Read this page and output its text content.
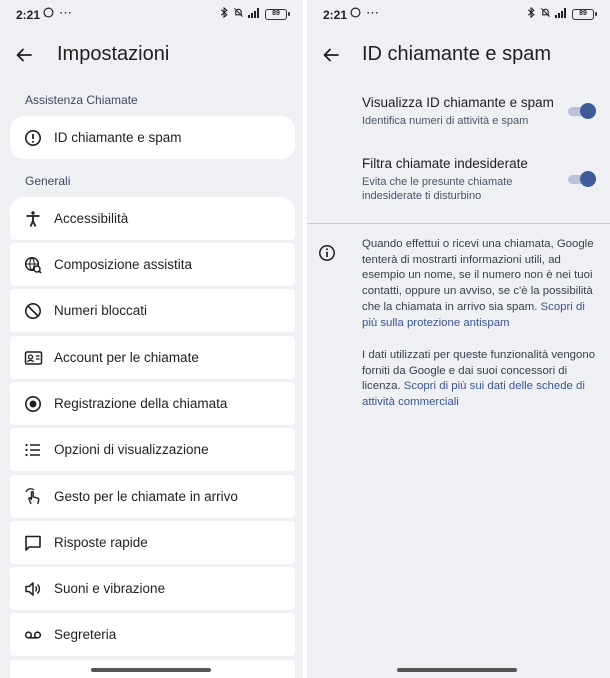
2:21 ⋯	89
Impostazioni
Assistenza Chiamate
ID chiamante e spam
Generali
Accessibilità
Composizione assistita
Numeri bloccati
Account per le chiamate
Registrazione della chiamata
Opzioni di visualizzazione
Gesto per le chiamate in arrivo
Risposte rapide
Suoni e vibrazione
Segreteria
2:21 ⋯	89
ID chiamante e spam
Visualizza ID chiamante e spam
Identifica numeri di attività e spam
Filtra chiamate indesiderate
Evita che le presunte chiamate indesiderate ti disturbino
Quando effettui o ricevi una chiamata, Google tenterà di mostrarti informazioni utili, ad esempio un nome, se il numero non è nei tuoi contatti, oppure un avviso, se c'è la possibilità che la chiamata in arrivo sia spam. Scopri di più sulla protezione antispam
I dati utilizzati per queste funzionalità vengono forniti da Google e dai suoi concessori di licenza. Scopri di più sui dati delle schede di attività commerciali
